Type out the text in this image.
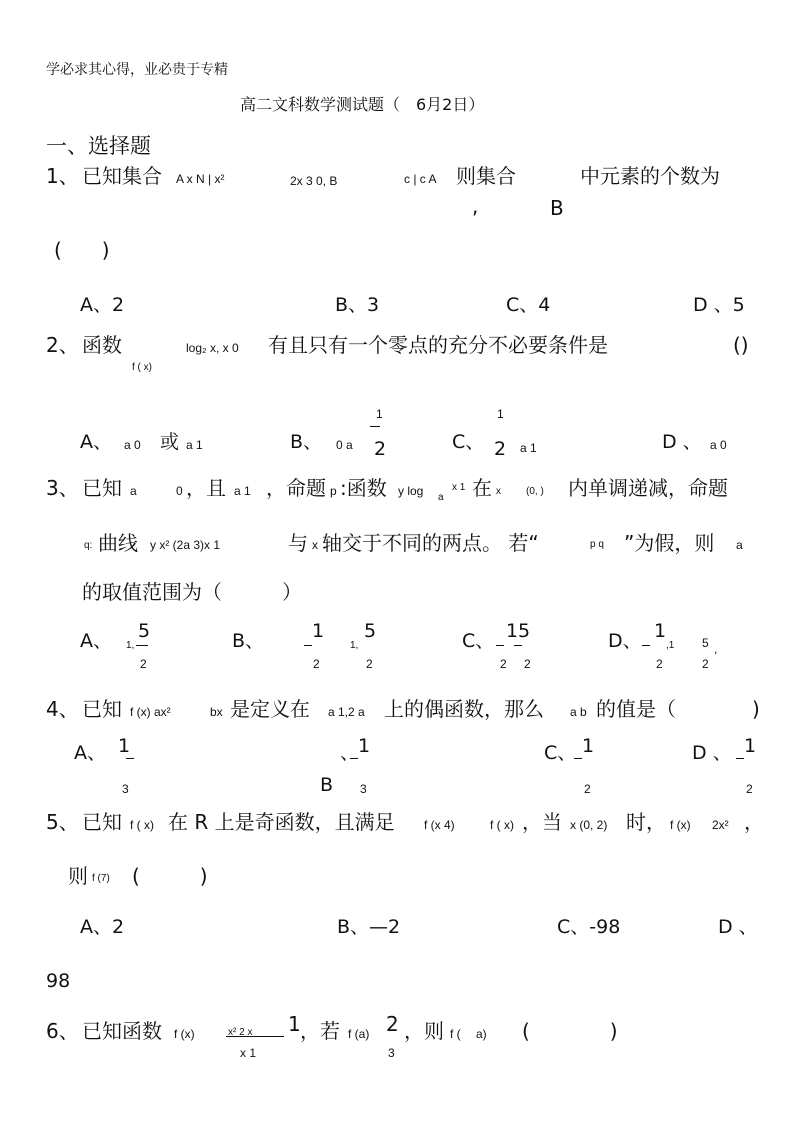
学必求其心得，业必贵于专精
高二文科数学测试题（　6月2日）
一、选择题
1、 已知集合 A x N | x²	2x 3 0, B	c | c A 则集合	中元素的个数为
,	B
(　　)
A、2	B、3	C、4	D 、5
2、 函数
f ( x)
log₂ x, x 0 有且只有一个零点的充分不必要条件是	()
A、 a 0 或 a 1	B、 0 a
1
2	C、
1
2 a 1	D 、 a 0
3、 已知 a	0 ，且 a 1 ，命题 p :函数 y log a
x 1 在 x	(0, ) 内单调递减，命题
q: 曲线 y x² (2a 3)x 1	与 x 轴交于不同的两点。 若“	p q ”为假，则 a
的取值范围为（　　　）
A、 1,
5
2
B、	1
2
1,
5
2
C、 1 5
2 2
D、 1
2
,1 5
2
,
4、 已知 f (x) ax²	bx 是定义在 a 1,2 a 上的偶函数，那么 a b 的值是（	)
A、 1
3
、
1
B 3
C、 1
2
D 、 1
2
5、 已知 f ( x) 在 R 上是奇函数，且满足 f (x 4)	f ( x) ，当 x (0, 2) 时， f (x) 2x² ，
则 f (7) (　　　)
A、2	B、—2	C、-98	D 、
98
6、 已知函数 f (x)	x² 2 x
x 1
1 ，若 f (a) 2
3
，则 f (　 a) (　　　　)
